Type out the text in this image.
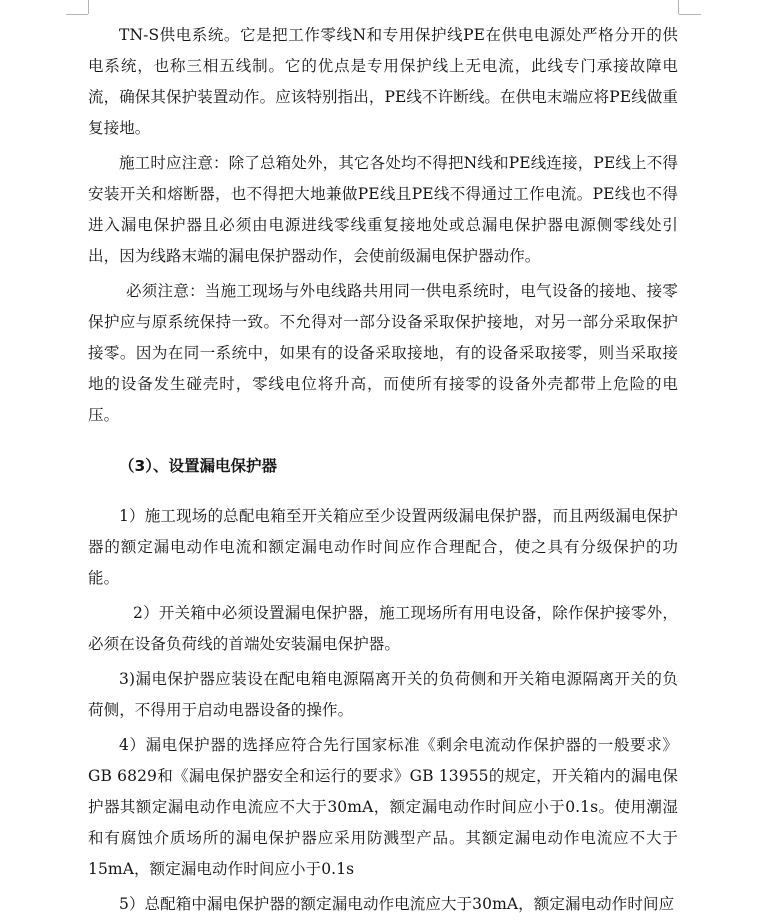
TN-S供电系统。它是把工作零线N和专用保护线PE在供电电源处严格分开的供电系统，也称三相五线制。它的优点是专用保护线上无电流，此线专门承接故障电流，确保其保护装置动作。应该特别指出，PE线不许断线。在供电末端应将PE线做重复接地。

施工时应注意：除了总箱处外，其它各处均不得把N线和PE线连接，PE线上不得安装开关和熔断器，也不得把大地兼做PE线且PE线不得通过工作电流。PE线也不得进入漏电保护器且必须由电源进线零线重复接地处或总漏电保护器电源侧零线处引出，因为线路末端的漏电保护器动作，会使前级漏电保护器动作。

必须注意：当施工现场与外电线路共用同一供电系统时，电气设备的接地、接零保护应与原系统保持一致。不允得对一部分设备采取保护接地，对另一部分采取保护接零。因为在同一系统中，如果有的设备采取接地，有的设备采取接零，则当采取接地的设备发生碰壳时，零线电位将升高，而使所有接零的设备外壳都带上危险的电压。

（3）、设置漏电保护器

1）施工现场的总配电箱至开关箱应至少设置两级漏电保护器，而且两级漏电保护器的额定漏电动作电流和额定漏电动作时间应作合理配合，使之具有分级保护的功能。

2）开关箱中必须设置漏电保护器，施工现场所有用电设备，除作保护接零外，必须在设备负荷线的首端处安装漏电保护器。

3)漏电保护器应装设在配电箱电源隔离开关的负荷侧和开关箱电源隔离开关的负荷侧，不得用于启动电器设备的操作。

4）漏电保护器的选择应符合先行国家标准《剩余电流动作保护器的一般要求》GB 6829和《漏电保护器安全和运行的要求》GB 13955的规定，开关箱内的漏电保护器其额定漏电动作电流应不大于30mA，额定漏电动作时间应小于0.1s。使用潮湿和有腐蚀介质场所的漏电保护器应采用防溅型产品。其额定漏电动作电流应不大于15mA，额定漏电动作时间应小于0.1s

5）总配箱中漏电保护器的额定漏电动作电流应大于30mA，额定漏电动作时间应
